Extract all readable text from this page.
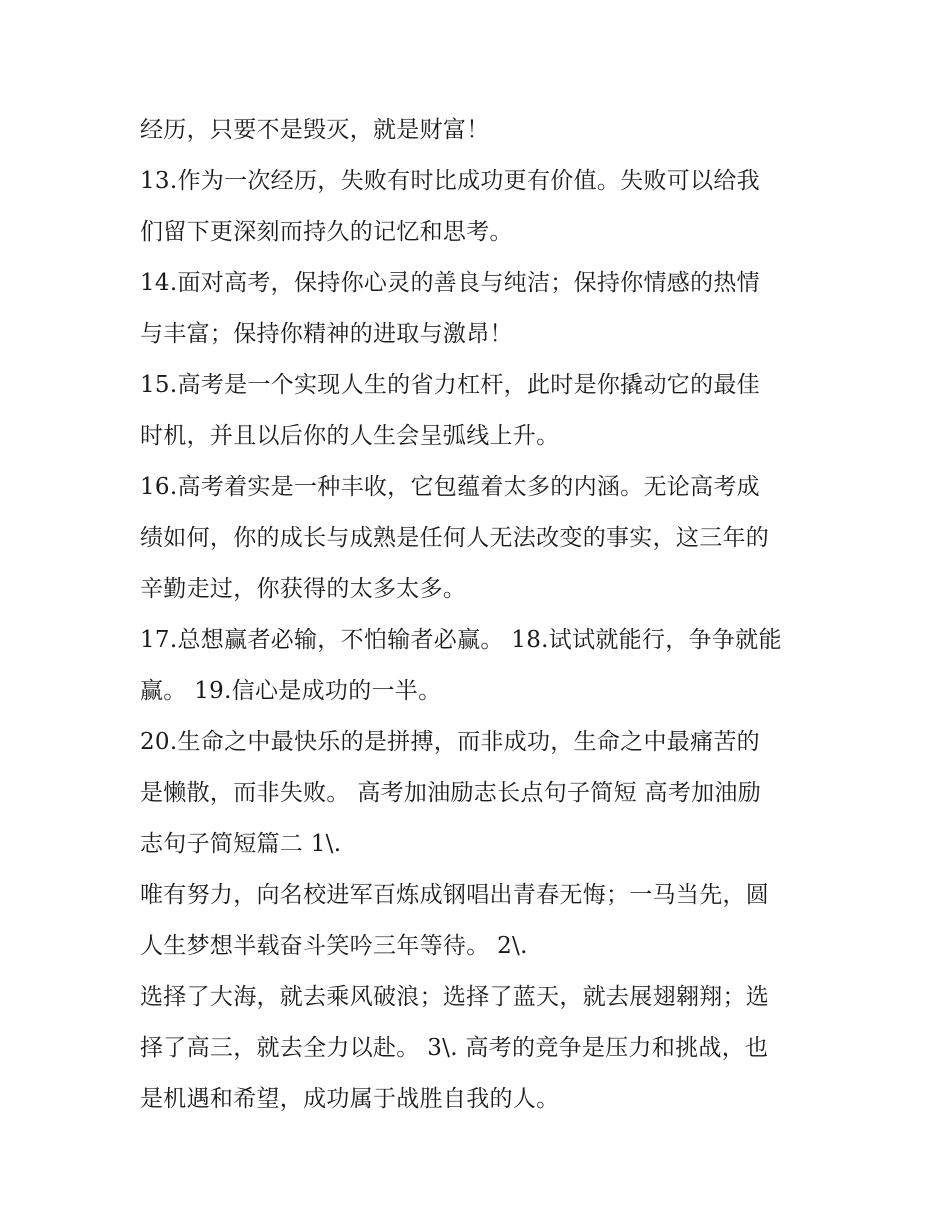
经历，只要不是毁灭，就是财富！
13.作为一次经历，失败有时比成功更有价值。失败可以给我
们留下更深刻而持久的记忆和思考。
14.面对高考，保持你心灵的善良与纯洁；保持你情感的热情
与丰富；保持你精神的进取与激昂！
15.高考是一个实现人生的省力杠杆，此时是你撬动它的最佳
时机，并且以后你的人生会呈弧线上升。
16.高考着实是一种丰收，它包蕴着太多的内涵。无论高考成
绩如何，你的成长与成熟是任何人无法改变的事实，这三年的
辛勤走过，你获得的太多太多。
17.总想赢者必输，不怕输者必赢。 18.试试就能行，争争就能
赢。 19.信心是成功的一半。
20.生命之中最快乐的是拼搏，而非成功，生命之中最痛苦的
是懒散，而非失败。 高考加油励志长点句子简短 高考加油励
志句子简短篇二 1\.
唯有努力，向名校进军百炼成钢唱出青春无悔；一马当先，圆
人生梦想半载奋斗笑吟三年等待。 2\.
选择了大海，就去乘风破浪；选择了蓝天，就去展翅翱翔；选
择了高三，就去全力以赴。 3\. 高考的竞争是压力和挑战，也
是机遇和希望，成功属于战胜自我的人。
